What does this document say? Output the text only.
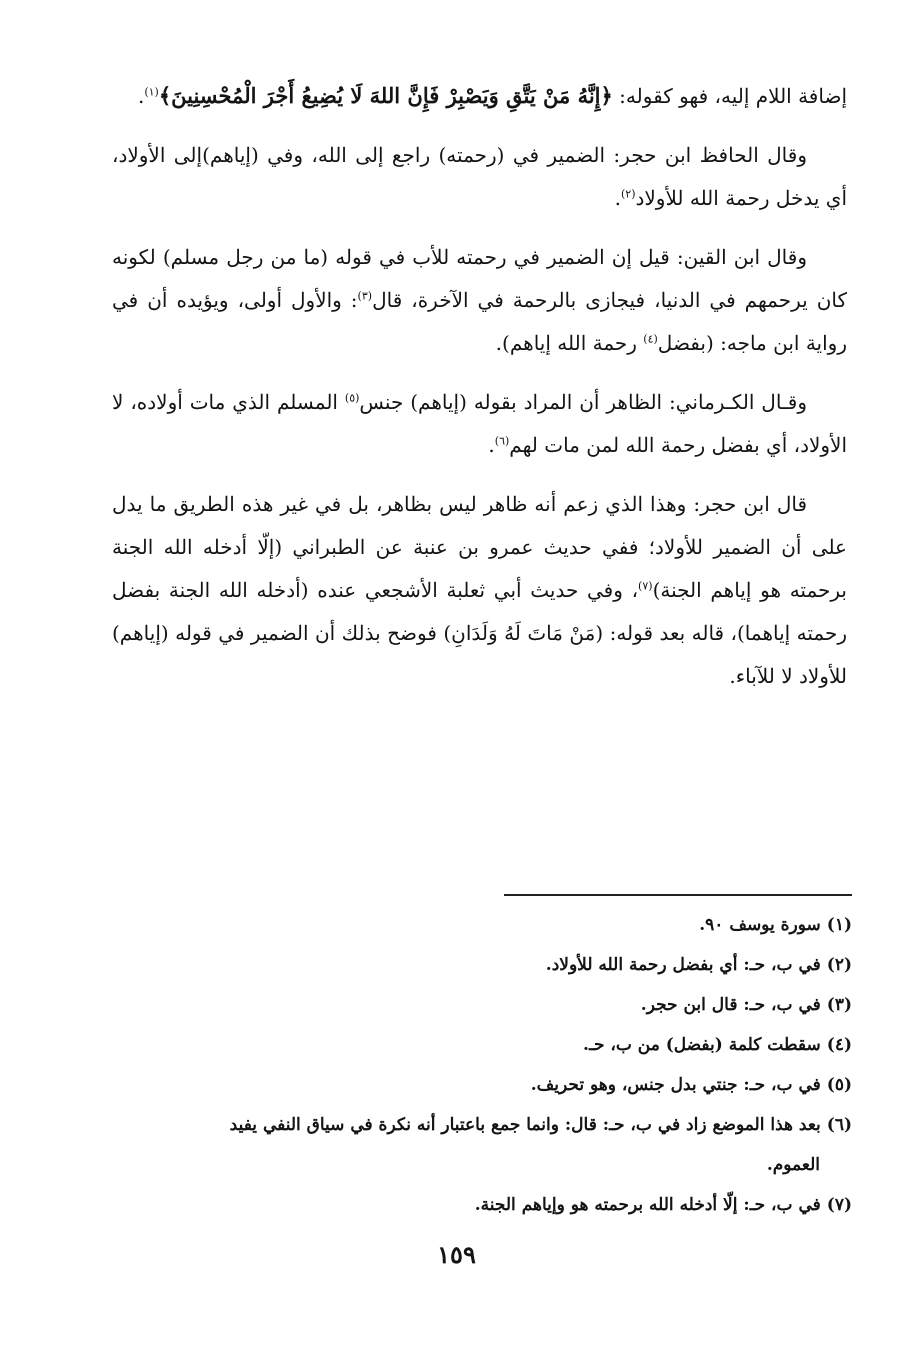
إضافة اللام إليه، فهو كقوله: ﴿إِنَّهُ مَنْ يَتَّقِ وَيَصْبِرْ فَإِنَّ اللهَ لَا يُضِيعُ أَجْرَ الْمُحْسِنِينَ﴾$^{(١)}$.

وقال الحافظ ابن حجر: الضمير في (رحمته) راجع إلى الله، وفي (إياهم)إلى الأولاد، أي يدخل رحمة الله للأولاد$^{(٢)}$.

وقال ابن القين: قيل إن الضمير في رحمته للأب في قوله (ما من رجل مسلم) لكونه كان يرحمهم في الدنيا، فيجازى بالرحمة في الآخرة، قال$^{(٣)}$: والأول أولى، ويؤيده أن في رواية ابن ماجه: (بفضل$^{(٤)}$ رحمة الله إياهم).

وقـال الكـرماني: الظاهر أن المراد بقوله (إياهم) جنس$^{(٥)}$ المسلم الذي مات أولاده، لا الأولاد، أي بفضل رحمة الله لمن مات لهم$^{(٦)}$.

قال ابن حجر: وهذا الذي زعم أنه ظاهر ليس بظاهر، بل في غير هذه الطريق ما يدل على أن الضمير للأولاد؛ ففي حديث عمرو بن عنبة عن الطبراني (إلّا أدخله الله الجنة برحمته هو إياهم الجنة)$^{(٧)}$، وفي حديث أبي ثعلبة الأشجعي عنده (أدخله الله الجنة بفضل رحمته إياهما)، قاله بعد قوله: (مَنْ مَاتَ لَهُ وَلَدَانِ) فوضح بذلك أن الضمير في قوله (إياهم) للأولاد لا للآباء.

(١)سورة يوسف ٩٠.

(٢)في ب، حـ: أي بفضل رحمة الله للأولاد.

(٣)في ب، حـ: قال ابن حجر.

(٤)سقطت كلمة (بفضل) من ب، حـ.

(٥)في ب، حـ: جنتي بدل جنس، وهو تحريف.

(٦)بعد هذا الموضع زاد في ب، حـ: قال: وانما جمع باعتبار أنه نكرة في سياق النفي يفيد

العموم.

(٧)في ب، حـ: إلّا أدخله الله برحمته هو وإياهم الجنة.

١٥٩
